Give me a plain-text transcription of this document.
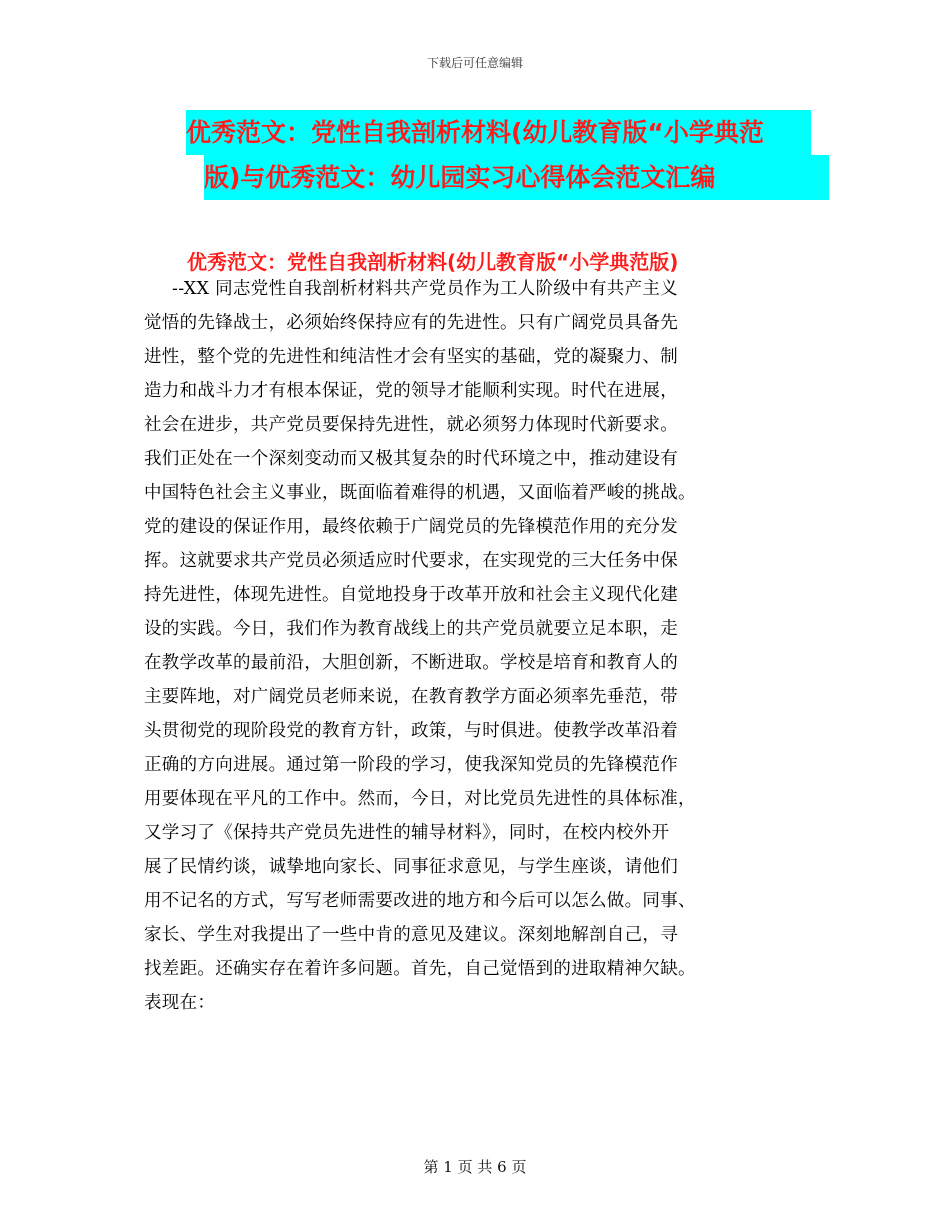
下载后可任意编辑
优秀范文：党性自我剖析材料(幼儿教育版“小学典范
版)与优秀范文：幼儿园实习心得体会范文汇编
优秀范文：党性自我剖析材料(幼儿教育版“小学典范版)
--XX 同志党性自我剖析材料共产党员作为工人阶级中有共产主义
觉悟的先锋战士，必须始终保持应有的先进性。只有广阔党员具备先
进性，整个党的先进性和纯洁性才会有坚实的基础，党的凝聚力、制
造力和战斗力才有根本保证，党的领导才能顺利实现。时代在进展，
社会在进步，共产党员要保持先进性，就必须努力体现时代新要求。
我们正处在一个深刻变动而又极其复杂的时代环境之中，推动建设有
中国特色社会主义事业，既面临着难得的机遇，又面临着严峻的挑战。
党的建设的保证作用，最终依赖于广阔党员的先锋模范作用的充分发
挥。这就要求共产党员必须适应时代要求，在实现党的三大任务中保
持先进性，体现先进性。自觉地投身于改革开放和社会主义现代化建
设的实践。今日，我们作为教育战线上的共产党员就要立足本职，走
在教学改革的最前沿，大胆创新，不断进取。学校是培育和教育人的
主要阵地，对广阔党员老师来说，在教育教学方面必须率先垂范，带
头贯彻党的现阶段党的教育方针，政策，与时俱进。使教学改革沿着
正确的方向进展。通过第一阶段的学习，使我深知党员的先锋模范作
用要体现在平凡的工作中。然而，今日，对比党员先进性的具体标准，
又学习了《保持共产党员先进性的辅导材料》，同时，在校内校外开
展了民情约谈，诚挚地向家长、同事征求意见，与学生座谈，请他们
用不记名的方式，写写老师需要改进的地方和今后可以怎么做。同事、
家长、学生对我提出了一些中肯的意见及建议。深刻地解剖自己，寻
找差距。还确实存在着许多问题。首先，自己觉悟到的进取精神欠缺。
表现在：
第 1 页 共 6 页
